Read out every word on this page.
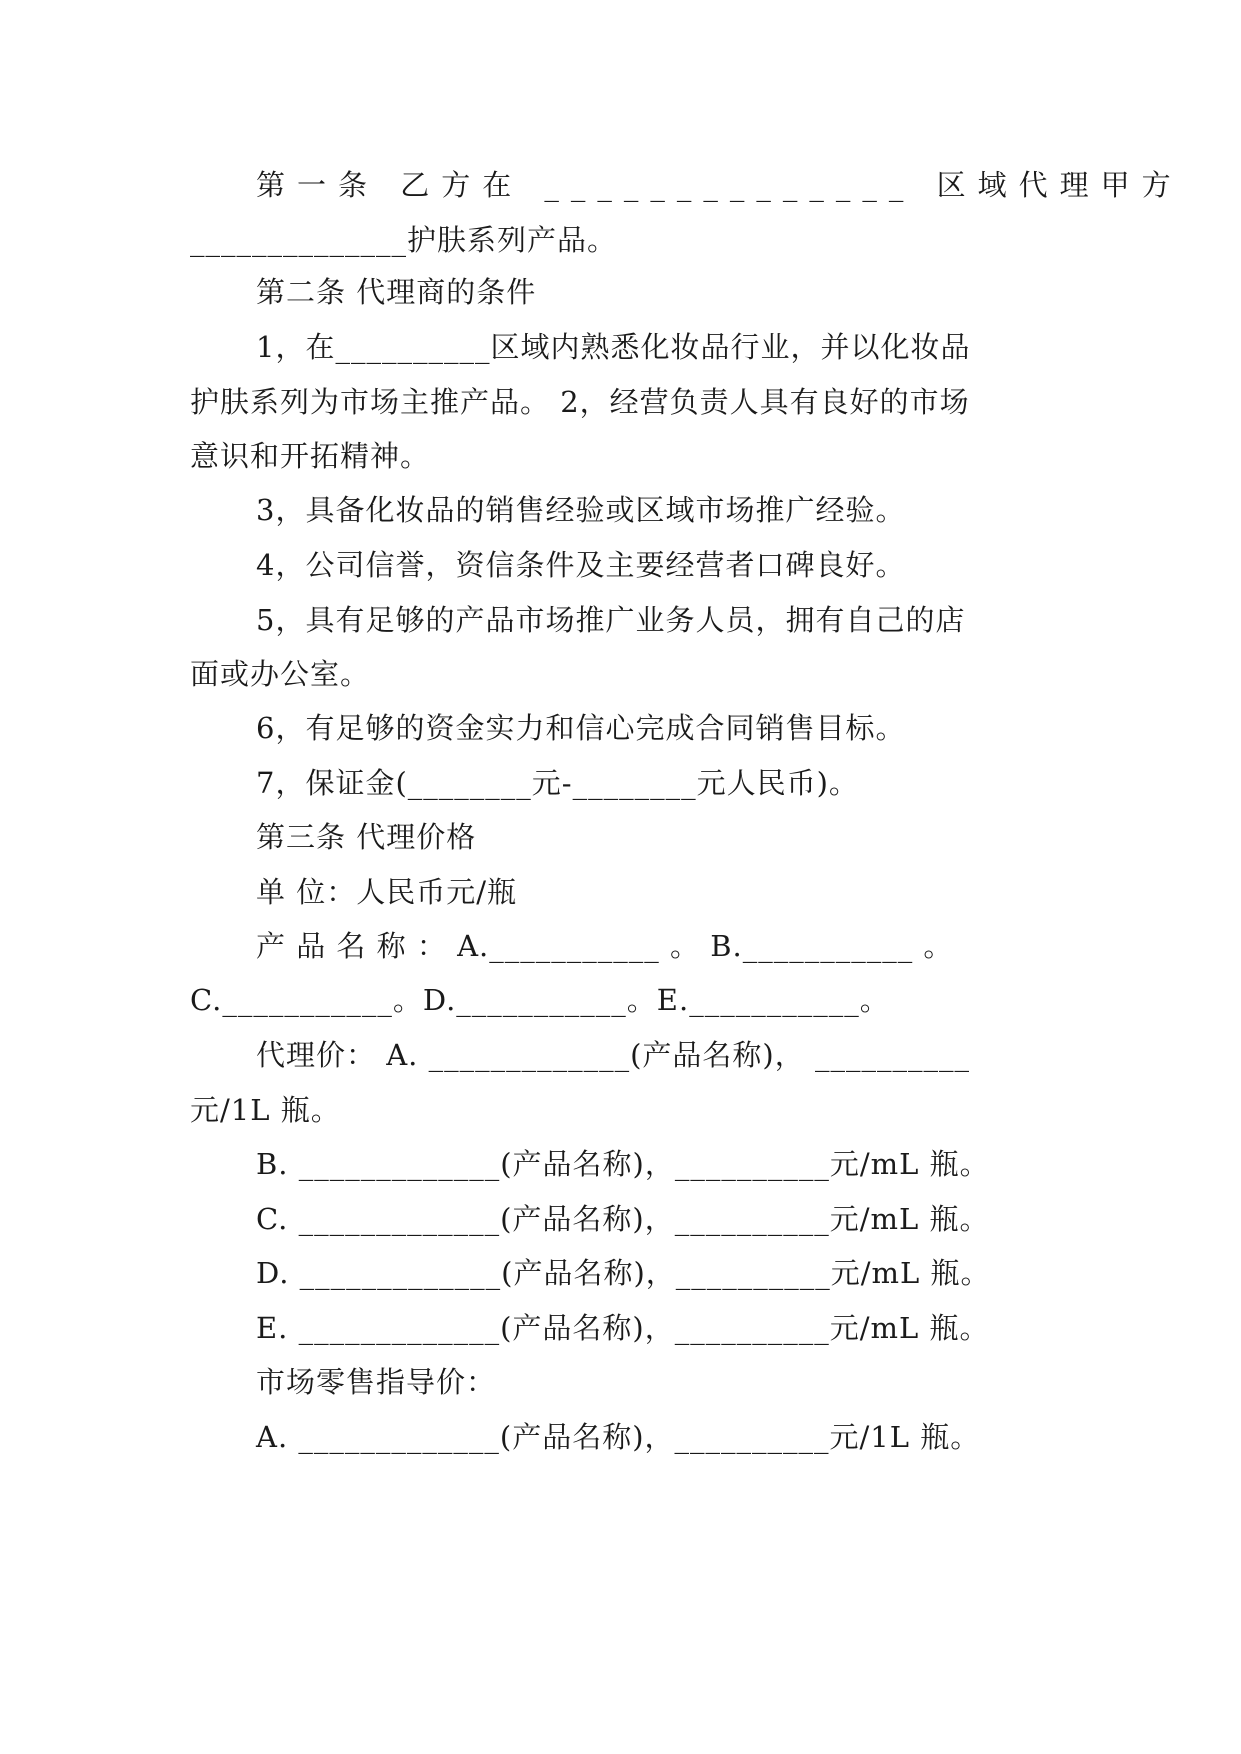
第一条 乙方在 ______________ 区域代理甲方
______________护肤系列产品。
第二条 代理商的条件
1，在__________区域内熟悉化妆品行业，并以化妆品
护肤系列为市场主推产品。 2，经营负责人具有良好的市场
意识和开拓精神。
3，具备化妆品的销售经验或区域市场推广经验。
4，公司信誉，资信条件及主要经营者口碑良好。
5，具有足够的产品市场推广业务人员，拥有自己的店
面或办公室。
6，有足够的资金实力和信心完成合同销售目标。
7，保证金(________元-________元人民币)。
第三条 代理价格
单 位：人民币元/瓶
产 品 名 称 ： A.___________ 。 B.___________ 。
C.___________。D.___________。E.___________。
代理价： A. _____________(产品名称)， __________
元/1L 瓶。
B. _____________(产品名称)，__________元/mL 瓶。
C. _____________(产品名称)，__________元/mL 瓶。
D. _____________(产品名称)，__________元/mL 瓶。
E. _____________(产品名称)，__________元/mL 瓶。
市场零售指导价：
A. _____________(产品名称)，__________元/1L 瓶。
